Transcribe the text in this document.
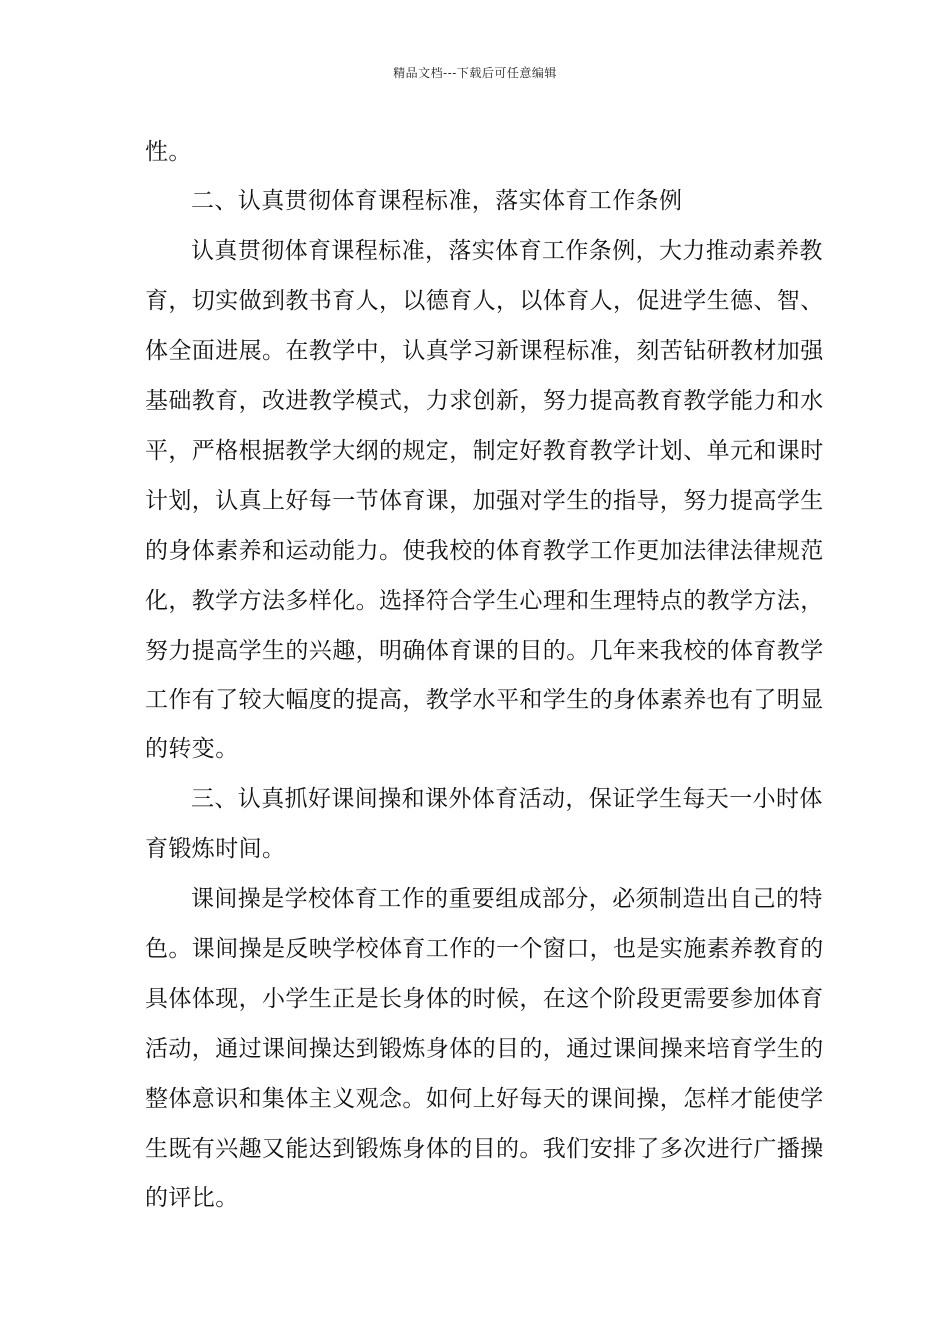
精品文档---下载后可任意编辑
性。
二、认真贯彻体育课程标准，落实体育工作条例
认真贯彻体育课程标准，落实体育工作条例，大力推动素养教
育，切实做到教书育人，以德育人，以体育人，促进学生德、智、
体全面进展。在教学中，认真学习新课程标准，刻苦钻研教材加强
基础教育，改进教学模式，力求创新，努力提高教育教学能力和水
平，严格根据教学大纲的规定，制定好教育教学计划、单元和课时
计划，认真上好每一节体育课，加强对学生的指导，努力提高学生
的身体素养和运动能力。使我校的体育教学工作更加法律法律规范
化，教学方法多样化。选择符合学生心理和生理特点的教学方法，
努力提高学生的兴趣，明确体育课的目的。几年来我校的体育教学
工作有了较大幅度的提高，教学水平和学生的身体素养也有了明显
的转变。
三、认真抓好课间操和课外体育活动，保证学生每天一小时体
育锻炼时间。
课间操是学校体育工作的重要组成部分，必须制造出自己的特
色。课间操是反映学校体育工作的一个窗口，也是实施素养教育的
具体体现，小学生正是长身体的时候，在这个阶段更需要参加体育
活动，通过课间操达到锻炼身体的目的，通过课间操来培育学生的
整体意识和集体主义观念。如何上好每天的课间操，怎样才能使学
生既有兴趣又能达到锻炼身体的目的。我们安排了多次进行广播操
的评比。
